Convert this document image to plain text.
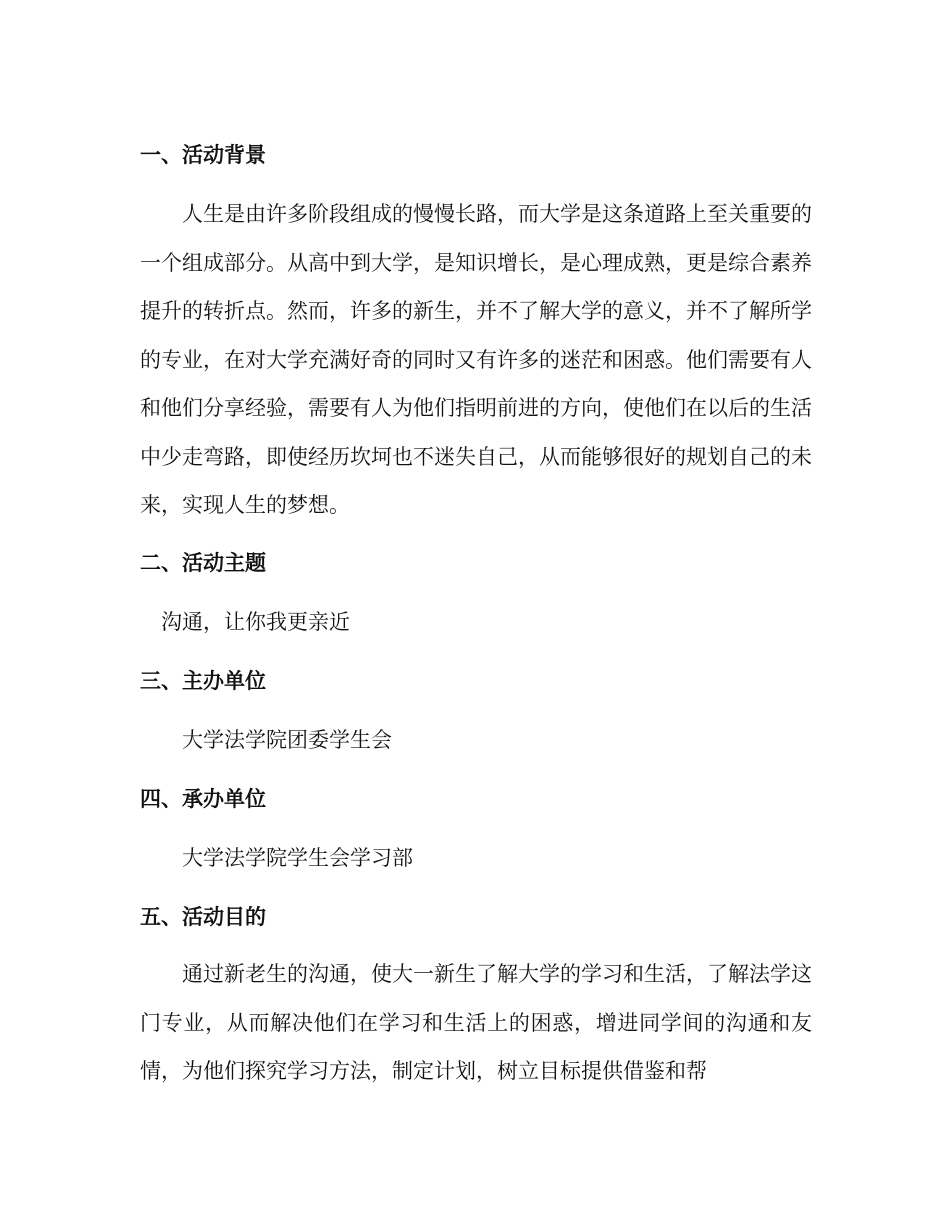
一、活动背景

人生是由许多阶段组成的慢慢长路，而大学是这条道路上至关重要的一个组成部分。从高中到大学，是知识增长，是心理成熟，更是综合素养提升的转折点。然而，许多的新生，并不了解大学的意义，并不了解所学的专业，在对大学充满好奇的同时又有许多的迷茫和困惑。他们需要有人和他们分享经验，需要有人为他们指明前进的方向，使他们在以后的生活中少走弯路，即使经历坎坷也不迷失自己，从而能够很好的规划自己的未来，实现人生的梦想。

二、活动主题
沟通，让你我更亲近
三、主办单位
大学法学院团委学生会
四、承办单位
大学法学院学生会学习部
五、活动目的

通过新老生的沟通，使大一新生了解大学的学习和生活，了解法学这门专业，从而解决他们在学习和生活上的困惑，增进同学间的沟通和友情，为他们探究学习方法，制定计划，树立目标提供借鉴和帮
